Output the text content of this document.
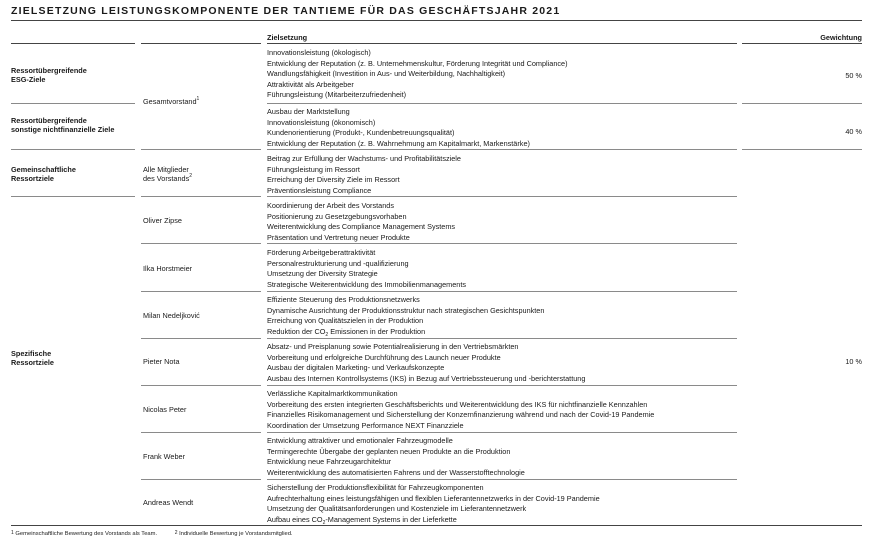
ZIELSETZUNG LEISTUNGSKOMPONENTE DER TANTIEME FÜR DAS GESCHÄFTSJAHR 2021
Zielsetzung	Gewichtung
Ressortübergreifende
ESG-Ziele
Ressortübergreifende
sonstige nichtfinanzielle Ziele
Gemeinschaftliche
Ressortziele
Spezifische
Ressortziele
Gesamtvorstand$^1$
Alle Mitglieder
des Vorstands$^2$
Oliver Zipse
Ilka Horstmeier
Milan Nedeljković
Pieter Nota
Nicolas Peter
Frank Weber
Andreas Wendt
Innovationsleistung (ökologisch)
Entwicklung der Reputation (z. B. Unternehmenskultur, Förderung Integrität und Compliance)
Wandlungsfähigkeit (Investition in Aus- und Weiterbildung, Nachhaltigkeit)
Attraktivität als Arbeitgeber
Führungsleistung (Mitarbeiterzufriedenheit)
Ausbau der Marktstellung
Innovationsleistung (ökonomisch)
Kundenorientierung (Produkt-, Kundenbetreuungsqualität)
Entwicklung der Reputation (z. B. Wahrnehmung am Kapitalmarkt, Markenstärke)
Beitrag zur Erfüllung der Wachstums- und Profitabilitätsziele
Führungsleistung im Ressort
Erreichung der Diversity Ziele im Ressort
Präventionsleistung Compliance
Koordinierung der Arbeit des Vorstands
Positionierung zu Gesetzgebungsvorhaben
Weiterentwicklung des Compliance Management Systems
Präsentation und Vertretung neuer Produkte
Förderung Arbeitgeberattraktivität
Personalrestrukturierung und -qualifizierung
Umsetzung der Diversity Strategie
Strategische Weiterentwicklung des Immobilienmanagements
Effiziente Steuerung des Produktionsnetzwerks
Dynamische Ausrichtung der Produktionsstruktur nach strategischen Gesichtspunkten
Erreichung von Qualitätszielen in der Produktion
Reduktion der $CO_2$ Emissionen in der Produktion
Absatz- und Preisplanung sowie Potentialrealisierung in den Vertriebsmärkten
Vorbereitung und erfolgreiche Durchführung des Launch neuer Produkte
Ausbau der digitalen Marketing- und Verkaufskonzepte
Ausbau des Internen Kontrollsystems (IKS) in Bezug auf Vertriebssteuerung und -berichterstattung
Verlässliche Kapitalmarktkommunikation
Vorbereitung des ersten integrierten Geschäftsberichts und Weiterentwicklung des IKS für nichtfinanzielle Kennzahlen
Finanzielles Risikomanagement und Sicherstellung der Konzernfinanzierung während und nach der Covid-19 Pandemie
Koordination der Umsetzung Performance NEXT Finanzziele
Entwicklung attraktiver und emotionaler Fahrzeugmodelle
Termingerechte Übergabe der geplanten neuen Produkte an die Produktion
Entwicklung neue Fahrzeugarchitektur
Weiterentwicklung des automatisierten Fahrens und der Wasserstofftechnologie
Sicherstellung der Produktionsflexibilität für Fahrzeugkomponenten
Aufrechterhaltung eines leistungsfähigen und flexiblen Lieferantennetzwerks in der Covid-19 Pandemie
Umsetzung der Qualitätsanforderungen und Kostenziele im Lieferantennetzwerk
Aufbau eines $CO_2$-Management Systems in der Lieferkette
50 %
40 %
10 %
$^1$ Gemeinschaftliche Bewertung des Vorstands als Team.	$^2$ Individuelle Bewertung je Vorstandsmitglied.
